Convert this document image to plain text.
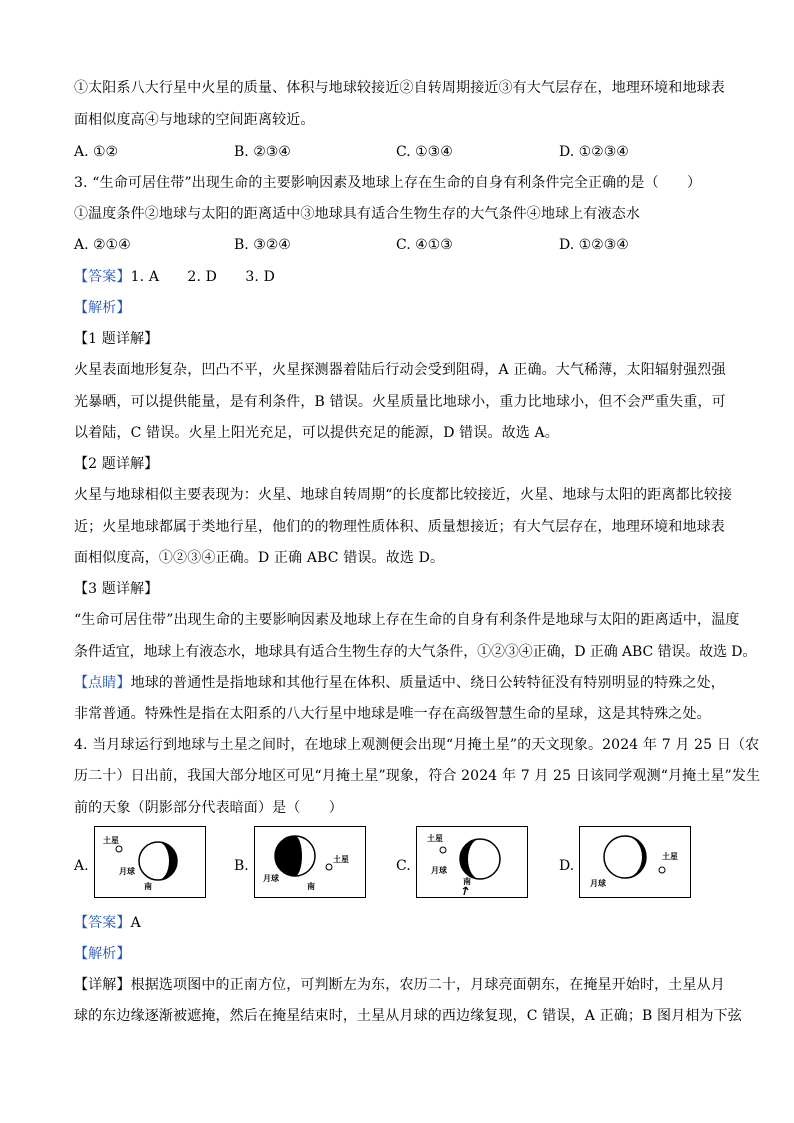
①太阳系八大行星中火星的质量、体积与地球较接近②自转周期接近③有大气层存在，地理环境和地球表
面相似度高④与地球的空间距离较近。
A. ①②	B. ②③④	C. ①③④	D. ①②③④
3. “生命可居住带”出现生命的主要影响因素及地球上存在生命的自身有利条件完全正确的是（　　）
①温度条件②地球与太阳的距离适中③地球具有适合生物生存的大气条件④地球上有液态水
A. ②①④	B. ③②④	C. ④①③	D. ①②③④
【答案】1. A　　2. D　　3. D
【解析】
【1 题详解】
火星表面地形复杂，凹凸不平，火星探测器着陆后行动会受到阻碍，A 正确。大气稀薄，太阳辐射强烈强
光暴晒，可以提供能量，是有利条件，B 错误。火星质量比地球小，重力比地球小，但不会严重失重，可
以着陆，C 错误。火星上阳光充足，可以提供充足的能源，D 错误。故选 A。
【2 题详解】
火星与地球相似主要表现为：火星、地球自转周期“的长度都比较接近，火星、地球与太阳的距离都比较接
近；火星地球都属于类地行星，他们的的物理性质体积、质量想接近；有大气层存在，地理环境和地球表
面相似度高，①②③④正确。D 正确 ABC 错误。故选 D。
【3 题详解】
“生命可居住带”出现生命的主要影响因素及地球上存在生命的自身有利条件是地球与太阳的距离适中，温度
条件适宜，地球上有液态水，地球具有适合生物生存的大气条件，①②③④正确，D 正确 ABC 错误。故选 D。
【点睛】地球的普通性是指地球和其他行星在体积、质量适中、绕日公转特征没有特别明显的特殊之处，
非常普通。特殊性是指在太阳系的八大行星中地球是唯一存在高级智慧生命的星球，这是其特殊之处。
4. 当月球运行到地球与土星之间时，在地球上观测便会出现“月掩土星”的天文现象。2024 年 7 月 25 日（农
历二十）日出前，我国大部分地区可见“月掩土星”现象，符合 2024 年 7 月 25 日该同学观测“月掩土星”发生
前的天象（阴影部分代表暗面）是（　　）
A.
土星
月球
南
B.	土星
月球
南
C.
土星
月球
南
D.
土星
月球
【答案】A
【解析】
【详解】根据选项图中的正南方位，可判断左为东，农历二十，月球亮面朝东，在掩星开始时，土星从月
球的东边缘逐渐被遮掩，然后在掩星结束时，土星从月球的西边缘复现，C 错误，A 正确；B 图月相为下弦
